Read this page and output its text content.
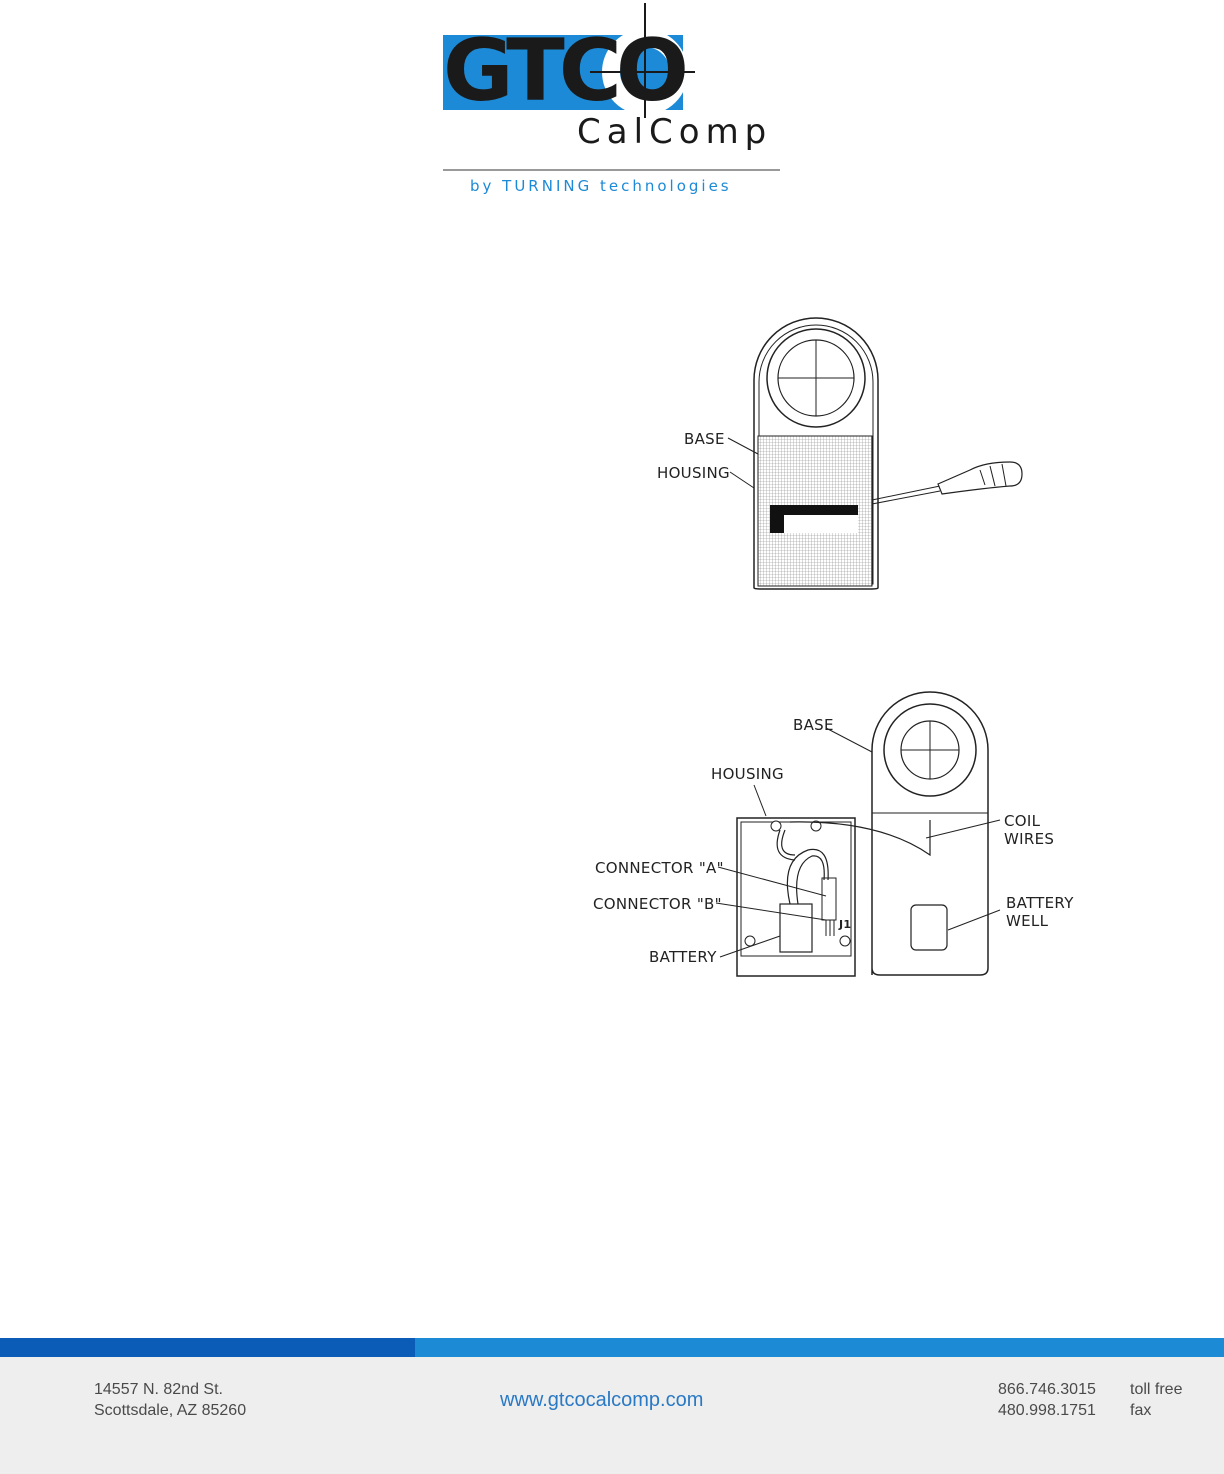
GTCO
CalComp
by TURNING technologies
BASE
HOUSING
BASE
HOUSING
COIL
WIRES
CONNECTOR "A"
CONNECTOR "B"
BATTERY
BATTERY
WELL
J1
14557 N. 82nd St.
Scottsdale, AZ 85260	www.gtcocalcomp.com	866.746.3015
480.998.1751
toll free
fax
